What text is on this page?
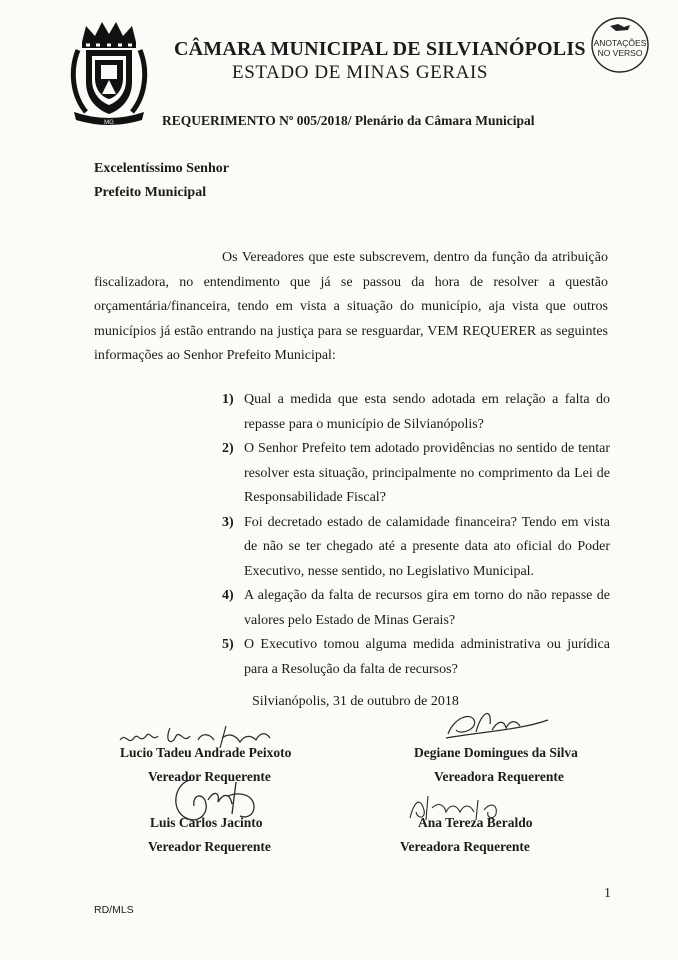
MG
CÂMARA MUNICIPAL DE SILVIANÓPOLIS
ESTADO DE MINAS GERAIS
ANOTAÇÕES
NO VERSO
REQUERIMENTO Nº 005/2018/ Plenário da Câmara Municipal
Excelentíssimo Senhor
Prefeito Municipal

Os Vereadores que este subscrevem, dentro da função da atribuição fiscalizadora, no entendimento que já se passou da hora de resolver a questão orçamentária/financeira, tendo em vista a situação do município, aja vista que outros municípios já estão entrando na justiça para se resguardar, VEM REQUERER as seguintes informações ao Senhor Prefeito Municipal:

1) Qual a medida que esta sendo adotada em relação a falta do repasse para o município de Silvianópolis?
2) O Senhor Prefeito tem adotado providências no sentido de tentar resolver esta situação, principalmente no comprimento da Lei de Responsabilidade Fiscal?
3) Foi decretado estado de calamidade financeira? Tendo em vista de não se ter chegado até a presente data ato oficial do Poder Executivo, nesse sentido, no Legislativo Municipal.
4) A alegação da falta de recursos gira em torno do não repasse de valores pelo Estado de Minas Gerais?
5) O Executivo tomou alguma medida administrativa ou jurídica para a Resolução da falta de recursos?
Silvianópolis, 31 de outubro de 2018
Lucio Tadeu Andrade Peixoto
Vereador Requerente
Degiane Domingues da Silva
Vereadora Requerente
Luis Carlos Jacinto
Vereador Requerente
Ana Tereza Beraldo
Vereadora Requerente
1
RD/MLS
